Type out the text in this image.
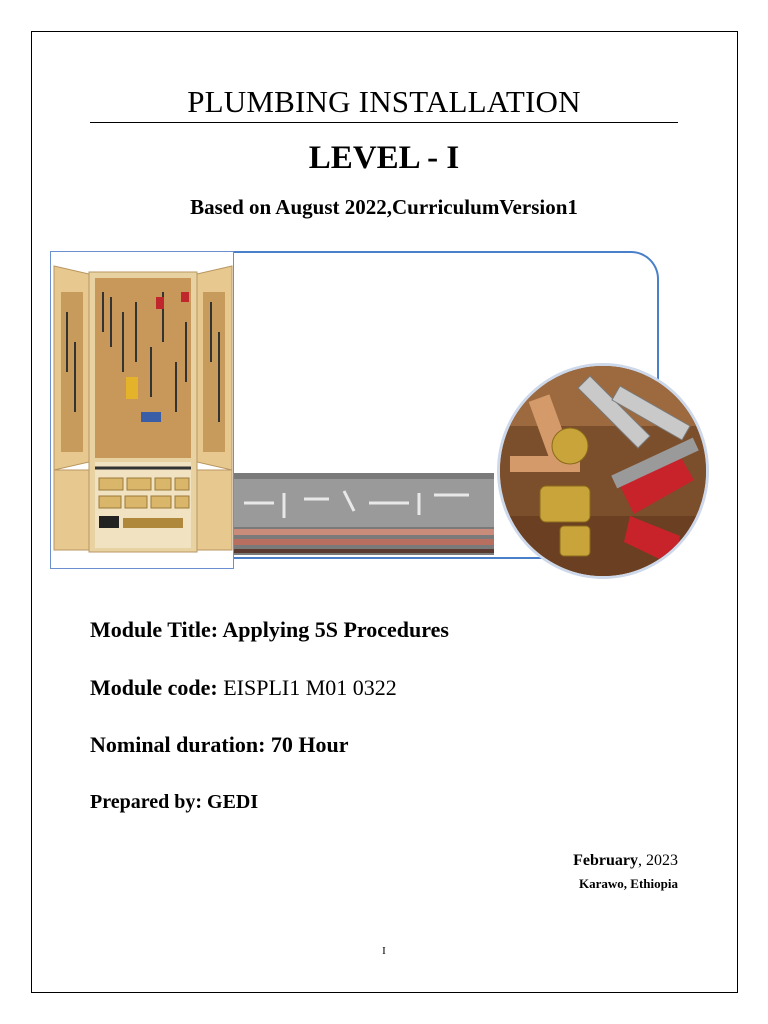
PLUMBING INSTALLATION
LEVEL - I
Based on August 2022,CurriculumVersion1
Module Title: Applying 5S Procedures
Module code: EISPLI1 M01 0322
Nominal duration: 70 Hour
Prepared by: GEDI
February, 2023
Karawo, Ethiopia
I
